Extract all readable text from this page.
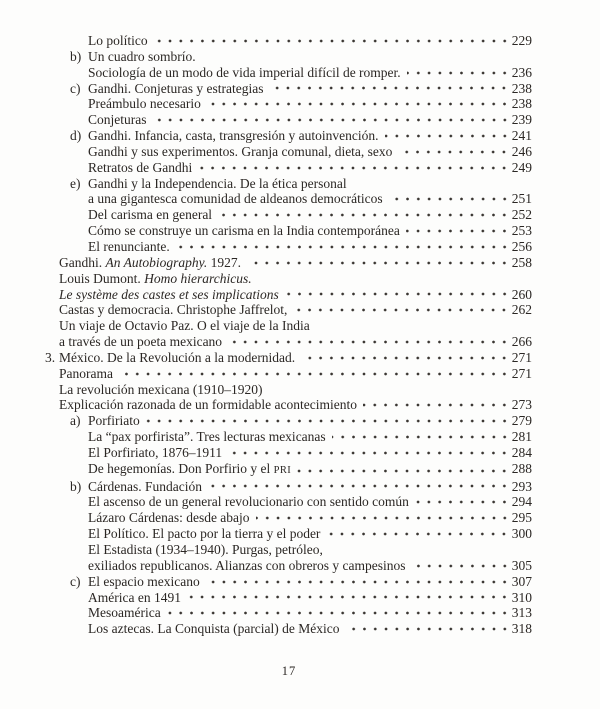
Lo político	229
b) Un cuadro sombrío.
Sociología de un modo de vida imperial difícil de romper.	236
c) Gandhi. Conjeturas y estrategias	238
Preámbulo necesario	238
Conjeturas	239
d) Gandhi. Infancia, casta, transgresión y autoinvención.	241
Gandhi y sus experimentos. Granja comunal, dieta, sexo	246
Retratos de Gandhi	249
e) Gandhi y la Independencia. De la ética personal
a una gigantesca comunidad de aldeanos democráticos	251
Del carisma en general	252
Cómo se construye un carisma en la India contemporánea	253
El renunciante.	256
Gandhi. An Autobiography. 1927.	258
Louis Dumont. Homo hierarchicus.
Le système des castes et ses implications	260
Castas y democracia. Christophe Jaffrelot,	262
Un viaje de Octavio Paz. O el viaje de la India
a través de un poeta mexicano	266
3. México. De la Revolución a la modernidad.	271
Panorama	271
La revolución mexicana (1910–1920)
Explicación razonada de un formidable acontecimiento	273
a) Porfiriato	279
La “pax porfirista”. Tres lecturas mexicanas	281
El Porfiriato, 1876–1911	284
De hegemonías. Don Porfirio y el PRI	288
b) Cárdenas. Fundación	293
El ascenso de un general revolucionario con sentido común	294
Lázaro Cárdenas: desde abajo	295
El Político. El pacto por la tierra y el poder	300
El Estadista (1934–1940). Purgas, petróleo,
exiliados republicanos. Alianzas con obreros y campesinos	305
c) El espacio mexicano	307
América en 1491	310
Mesoamérica	313
Los aztecas. La Conquista (parcial) de México	318
17
